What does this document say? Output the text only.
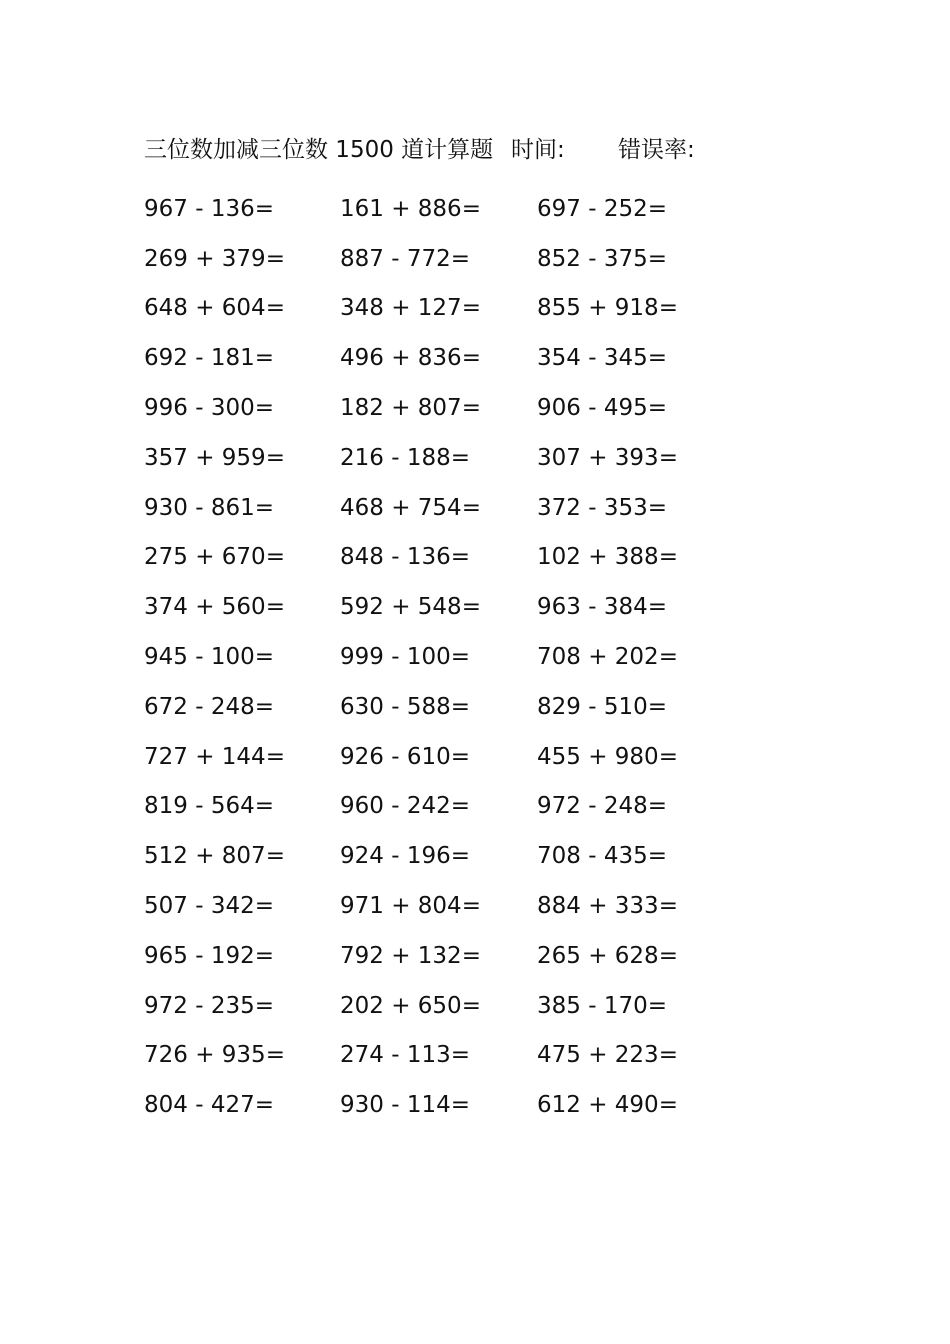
三位数加减三位数 1500 道计算题 时间: 错误率:
967 - 136=	161 + 886=	697 - 252=
269 + 379=	887 - 772=	852 - 375=
648 + 604=	348 + 127=	855 + 918=
692 - 181=	496 + 836=	354 - 345=
996 - 300=	182 + 807=	906 - 495=
357 + 959=	216 - 188=	307 + 393=
930 - 861=	468 + 754=	372 - 353=
275 + 670=	848 - 136=	102 + 388=
374 + 560=	592 + 548=	963 - 384=
945 - 100=	999 - 100=	708 + 202=
672 - 248=	630 - 588=	829 - 510=
727 + 144=	926 - 610=	455 + 980=
819 - 564=	960 - 242=	972 - 248=
512 + 807=	924 - 196=	708 - 435=
507 - 342=	971 + 804=	884 + 333=
965 - 192=	792 + 132=	265 + 628=
972 - 235=	202 + 650=	385 - 170=
726 + 935=	274 - 113=	475 + 223=
804 - 427=	930 - 114=	612 + 490=
